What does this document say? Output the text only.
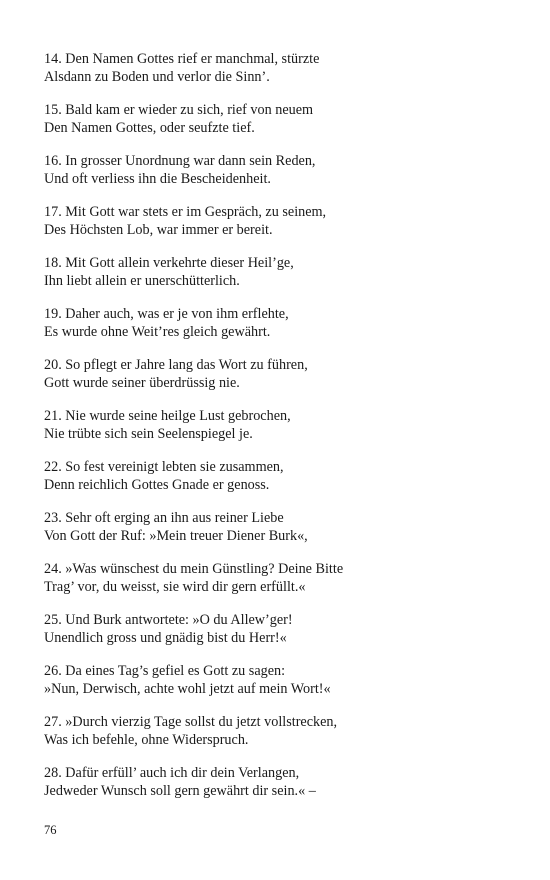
14. Den Namen Gottes rief er manchmal, stürzte
Alsdann zu Boden und verlor die Sinn’.
15. Bald kam er wieder zu sich, rief von neuem
Den Namen Gottes, oder seufzte tief.
16. In grosser Unordnung war dann sein Reden,
Und oft verliess ihn die Bescheidenheit.
17. Mit Gott war stets er im Gespräch, zu seinem,
Des Höchsten Lob, war immer er bereit.
18. Mit Gott allein verkehrte dieser Heil’ge,
Ihn liebt allein er unerschütterlich.
19. Daher auch, was er je von ihm erflehte,
Es wurde ohne Weit’res gleich gewährt.
20. So pflegt er Jahre lang das Wort zu führen,
Gott wurde seiner überdrüssig nie.
21. Nie wurde seine heilge Lust gebrochen,
Nie trübte sich sein Seelenspiegel je.
22. So fest vereinigt lebten sie zusammen,
Denn reichlich Gottes Gnade er genoss.
23. Sehr oft erging an ihn aus reiner Liebe
Von Gott der Ruf: »Mein treuer Diener Burk«,
24. »Was wünschest du mein Günstling? Deine Bitte
Trag’ vor, du weisst, sie wird dir gern erfüllt.«
25. Und Burk antwortete: »O du Allew’ger!
Unendlich gross und gnädig bist du Herr!«
26. Da eines Tag’s gefiel es Gott zu sagen:
»Nun, Derwisch, achte wohl jetzt auf mein Wort!«
27. »Durch vierzig Tage sollst du jetzt vollstrecken,
Was ich befehle, ohne Widerspruch.
28. Dafür erfüll’ auch ich dir dein Verlangen,
Jedweder Wunsch soll gern gewährt dir sein.« –
76
